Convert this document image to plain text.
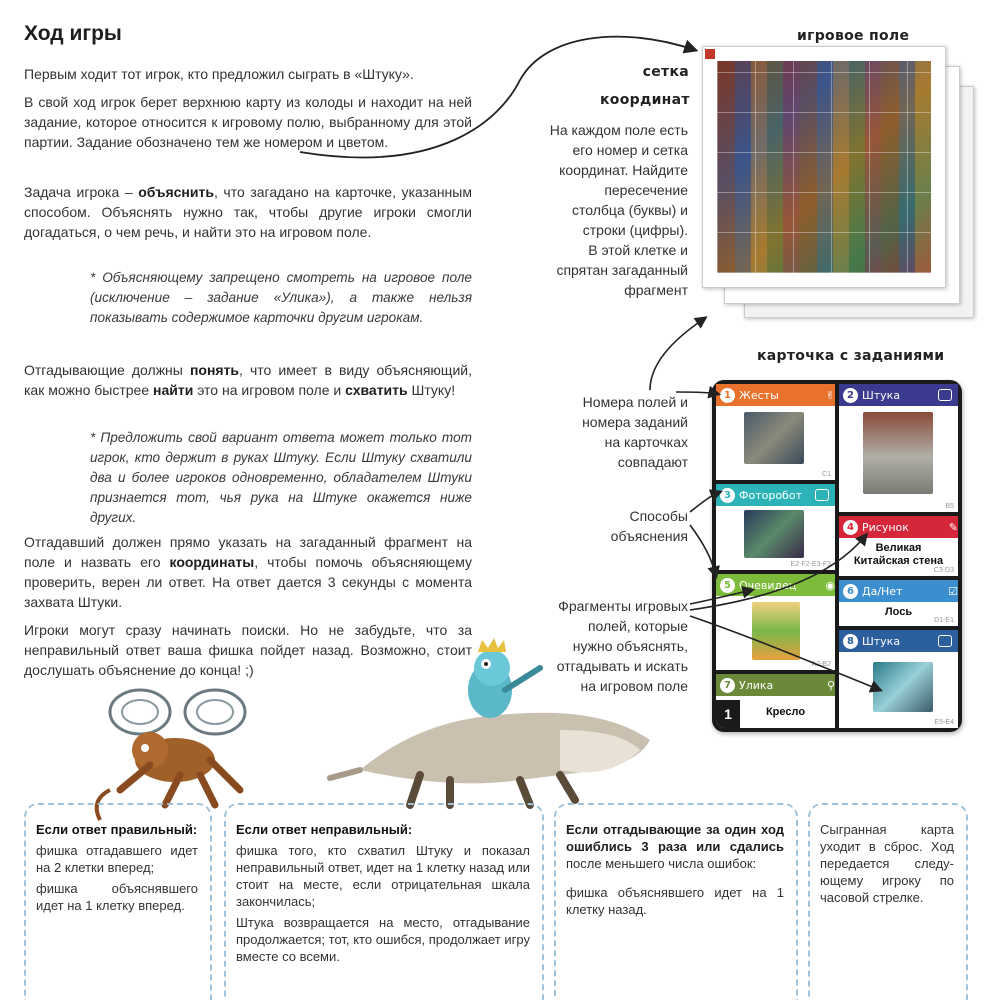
Ход игры
Первым ходит тот игрок, кто предложил сыграть в «Штуку».
В свой ход игрок берет верхнюю карту из колоды и находит на ней задание, которое относится к игровому полю, выбранному для этой партии. Задание обозначено тем же номером и цветом.
Задача игрока – объяснить, что загадано на карточке, указанным способом. Объяснять нужно так, чтобы другие игроки смогли догадаться, о чем речь, и найти это на игровом поле.
* Объясняющему запрещено смотреть на игровое поле (исключение – задание «Улика»), а также нельзя показывать содержимое карточки другим игрокам.
Отгадывающие должны понять, что имеет в виду объясняющий, как можно быстрее найти это на игровом поле и схватить Штуку!
* Предложить свой вариант ответа может только тот игрок, кто держит в руках Штуку. Если Штуку схватили два и более игроков одновременно, обладателем Штуки признается тот, чья рука на Штуке окажется ниже других.
Отгадавший должен прямо указать на загаданный фрагмент на поле и назвать его координаты, чтобы помочь объясняющему проверить, верен ли ответ. На ответ дается 3 секунды с момента захвата Штуки.
Игроки могут сразу начинать поиски. Но не забудьте, что за неправильный ответ ваша фишка пойдет назад. Возможно, стоит дослушать объяснение до конца! ;)
игровое поле
сетка
координат
На каждом поле есть
его номер и сетка
координат. Найдите
пересечение
столбца (буквы) и
строки (цифры).
В этой клетке и
спрятан загаданный
фрагмент
карточка с заданиями
Номера полей и
номера заданий
на карточках
совпадают
Способы
объяснения
Фрагменты игровых
полей, которые
нужно объяснять,
отгадывать и искать
на игровом поле
1 Жесты	✌
C1
2 Штука
B5
3 Фоторобот
E2-F2-E3-F3
4 Рисунок	✎
Великая
Китайская стена
C3-D3
5 Очевидец	◉
A2-B2
6 Да/Нет	☑
Лось
D1-E1
8 Штука
E5-E4
7 Улика	⚲
1	Кресло
Если ответ правильный:

фишка отгадавшего идет на 2 клетки вперед;

фишка объяснявшего идет на 1 клетку вперед.

Если ответ неправильный:

фишка того, кто схватил Штуку и показал неправильный ответ, идет на 1 клетку назад или стоит на месте, если отрицательная шкала закончилась;

Штука возвращается на место, отгадывание продолжается; тот, кто ошибся, продолжает игру вместе со всеми.

Если отгадывающие за один ход ошиблись 3 раза или сдались после меньшего числа ошибок:

фишка объяснявшего идет на 1 клетку назад.

Сыгранная карта уходит в сброс. Ход передается следу-ющему игроку по часовой стрелке.
